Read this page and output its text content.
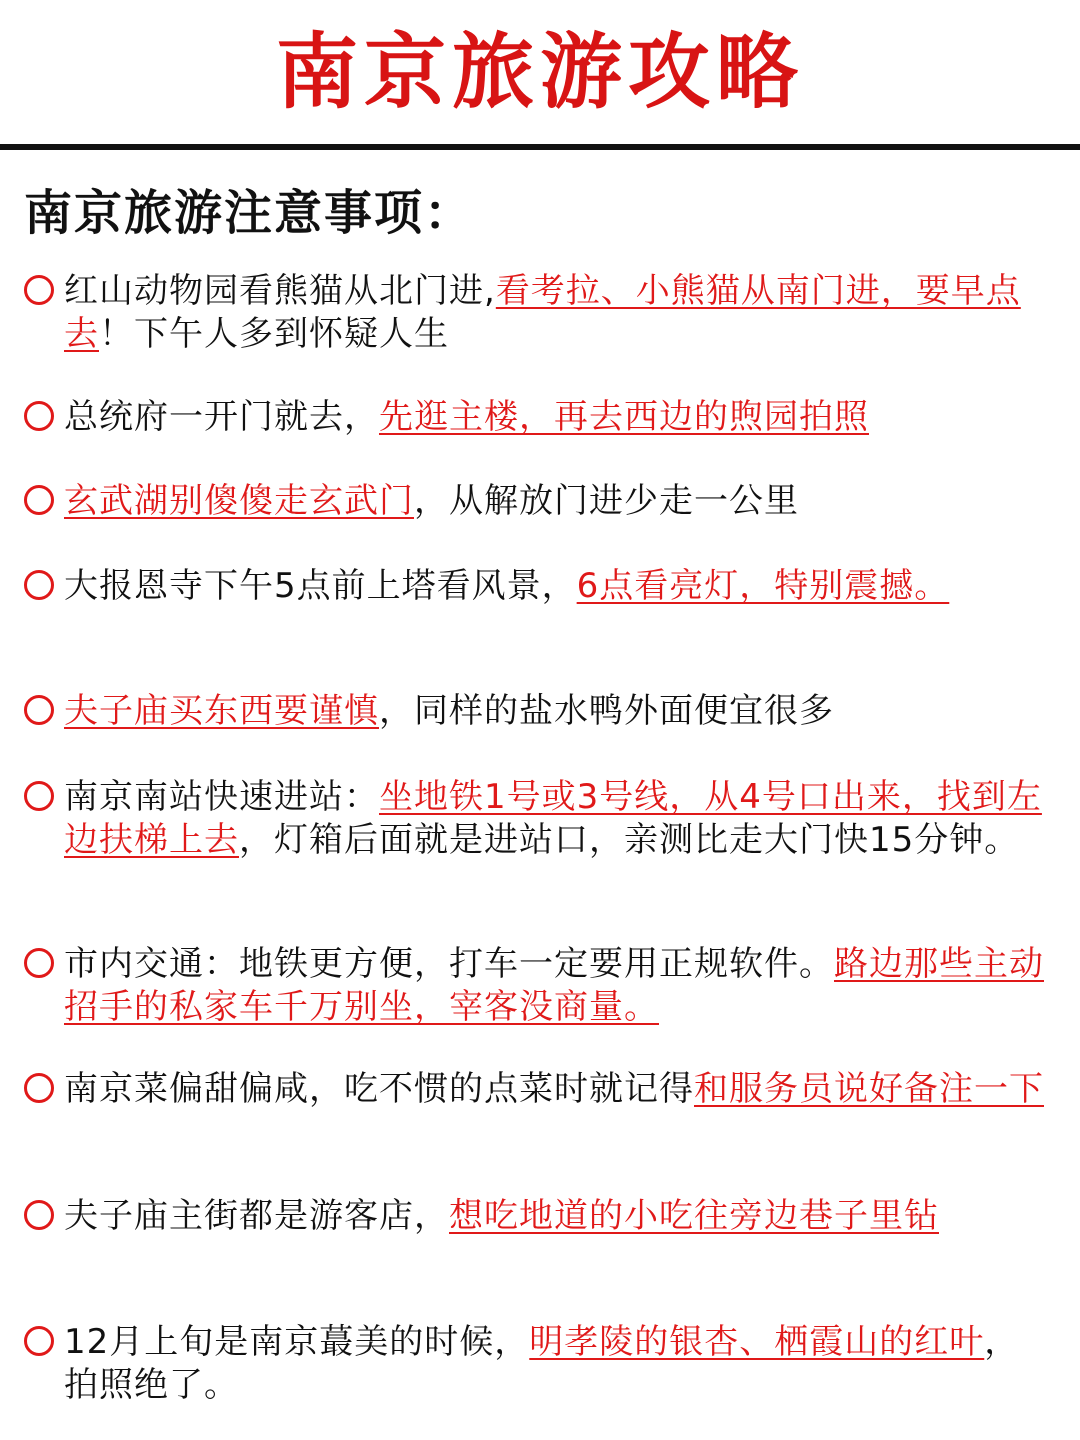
南京旅游攻略
南京旅游注意事项：
红山动物园看熊猫从北门进,看考拉、小熊猫从南门进，要早点去！下午人多到怀疑人生
总统府一开门就去，先逛主楼，再去西边的煦园拍照
玄武湖别傻傻走玄武门，从解放门进少走一公里
大报恩寺下午5点前上塔看风景，6点看亮灯，特别震撼。
夫子庙买东西要谨慎，同样的盐水鸭外面便宜很多
南京南站快速进站：坐地铁1号或3号线，从4号口出来，找到左边扶梯上去，灯箱后面就是进站口，亲测比走大门快15分钟。
市内交通：地铁更方便，打车一定要用正规软件。路边那些主动招手的私家车千万别坐，宰客没商量。
南京菜偏甜偏咸，吃不惯的点菜时就记得和服务员说好备注一下
夫子庙主街都是游客店，想吃地道的小吃往旁边巷子里钻
12月上旬是南京蕞美的时候，明孝陵的银杏、栖霞山的红叶，拍照绝了。
